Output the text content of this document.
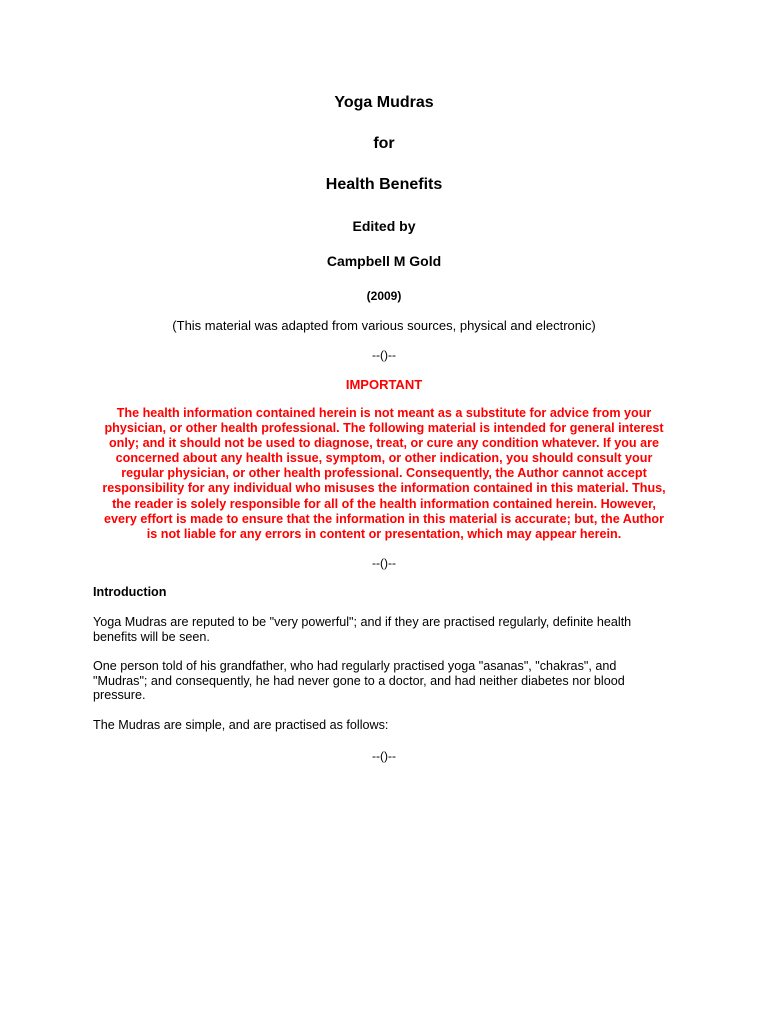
Yoga Mudras
for
Health Benefits
Edited by
Campbell M Gold
(2009)
(This material was adapted from various sources, physical and electronic)
--()--
IMPORTANT
The health information contained herein is not meant as a substitute for advice from your
physician, or other health professional. The following material is intended for general interest
only; and it should not be used to diagnose, treat, or cure any condition whatever. If you are
concerned about any health issue, symptom, or other indication, you should consult your
regular physician, or other health professional. Consequently, the Author cannot accept
responsibility for any individual who misuses the information contained in this material. Thus,
the reader is solely responsible for all of the health information contained herein. However,
every effort is made to ensure that the information in this material is accurate; but, the Author
is not liable for any errors in content or presentation, which may appear herein.
--()--
Introduction
Yoga Mudras are reputed to be "very powerful"; and if they are practised regularly, definite health
benefits will be seen.
One person told of his grandfather, who had regularly practised yoga "asanas", "chakras", and
"Mudras"; and consequently, he had never gone to a doctor, and had neither diabetes nor blood
pressure.
The Mudras are simple, and are practised as follows:
--()--
